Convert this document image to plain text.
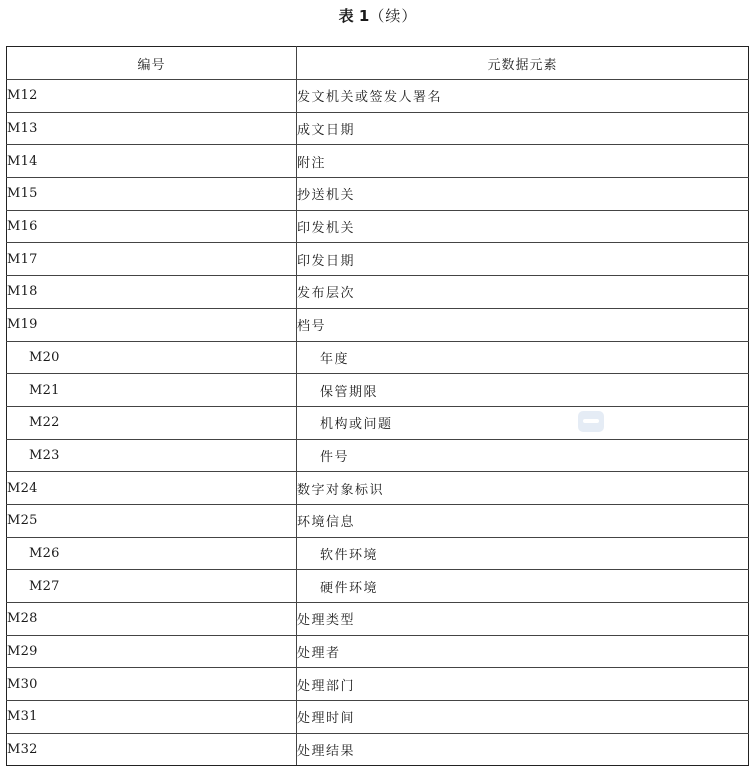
表 1（续）
编号	元数据元素
M12	发文机关或签发人署名
M13	成文日期
M14	附注
M15	抄送机关
M16	印发机关
M17	印发日期
M18	发布层次
M19	档号
M20	年度
M21	保管期限
M22	机构或问题
M23	件号
M24	数字对象标识
M25	环境信息
M26	软件环境
M27	硬件环境
M28	处理类型
M29	处理者
M30	处理部门
M31	处理时间
M32	处理结果
